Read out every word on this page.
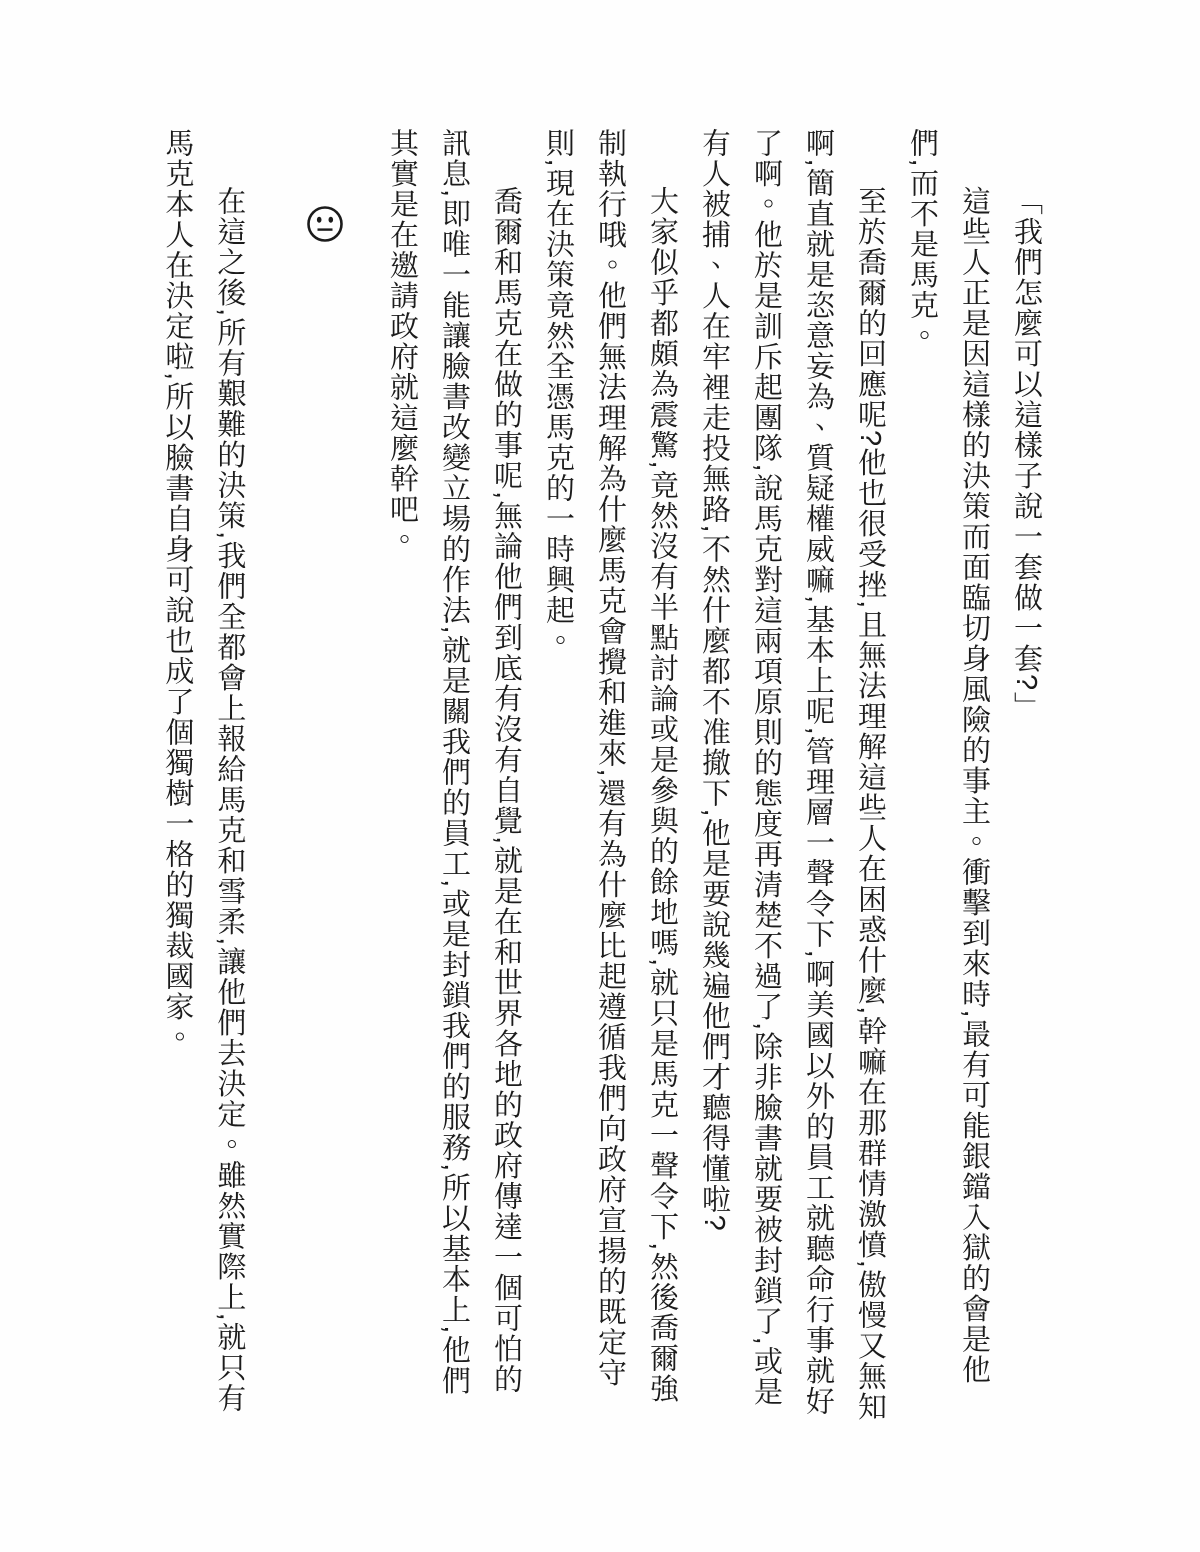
「我們怎麼可以這樣子說一套做一套?」

這些人正是因這樣的決策而面臨切身風險的事主。衝擊到來時,最有可能銀鐺入獄的會是他們,而不是馬克。

至於喬爾的回應呢?他也很受挫,且無法理解這些人在困惑什麼,幹嘛在那群情激憤,傲慢又無知啊,簡直就是恣意妄為、質疑權威嘛,基本上呢,管理層一聲令下,啊美國以外的員工就聽命行事就好了啊。他於是訓斥起團隊,說馬克對這兩項原則的態度再清楚不過了,除非臉書就要被封鎖了,或是有人被捕、人在牢裡走投無路,不然什麼都不准撤下,他是要說幾遍他們才聽得懂啦?

大家似乎都頗為震驚,竟然沒有半點討論或是參與的餘地嗎,就只是馬克一聲令下,然後喬爾強制執行哦。他們無法理解為什麼馬克會攪和進來,還有為什麼比起遵循我們向政府宣揚的既定守則,現在決策竟然全憑馬克的一時興起。

喬爾和馬克在做的事呢,無論他們到底有沒有自覺,就是在和世界各地的政府傳達一個可怕的訊息,即唯一能讓臉書改變立場的作法,就是關我們的員工,或是封鎖我們的服務,所以基本上,他們其實是在邀請政府就這麼幹吧。

在這之後,所有艱難的決策,我們全都會上報給馬克和雪柔,讓他們去決定。雖然實際上,就只有馬克本人在決定啦,所以臉書自身可說也成了個獨樹一格的獨裁國家。
